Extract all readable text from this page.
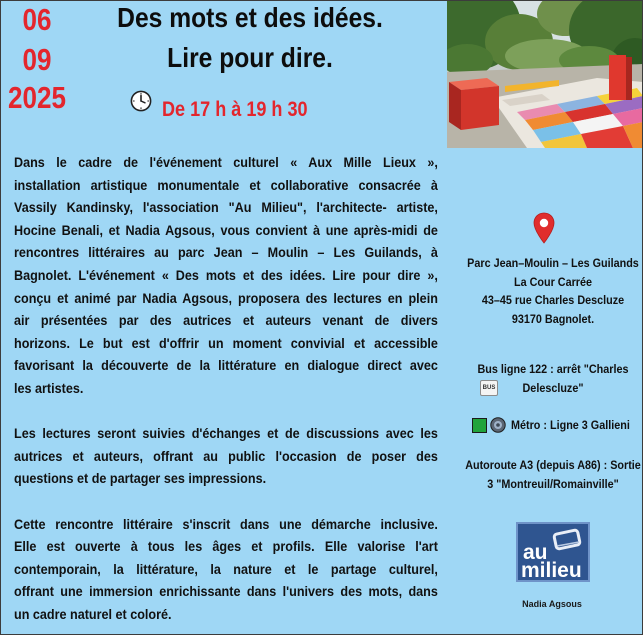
06
09
2025
Des mots et des idées.
Lire pour dire.
De 17 h à 19 h 30
Dans le cadre de l'événement culturel « Aux Mille Lieux »,
installation artistique monumentale et collaborative consacrée à
Vassily Kandinsky, l'association "Au Milieu", l'architecte- artiste,
Hocine Benali, et Nadia Agsous, vous convient à une après-midi de
rencontres littéraires au parc Jean – Moulin – Les Guilands, à
Bagnolet. L'événement « Des mots et des idées. Lire pour dire »,
conçu et animé par Nadia Agsous, proposera des lectures en plein
air présentées par des autrices et auteurs venant de divers
horizons. Le but est d'offrir un moment convivial et accessible
favorisant la découverte de la littérature en dialogue direct avec
les artistes.
Les lectures seront suivies d'échanges et de discussions avec les
autrices et auteurs, offrant au public l'occasion de poser des
questions et de partager ses impressions.
Cette rencontre littéraire s'inscrit dans une démarche inclusive.
Elle est ouverte à tous les âges et profils. Elle valorise l'art
contemporain, la littérature, la nature et le partage culturel,
offrant une immersion enrichissante dans l'univers des mots, dans
un cadre naturel et coloré.
Parc Jean–Moulin – Les Guilands
La Cour Carrée
43–45 rue Charles Descluze
93170 Bagnolet.
Bus ligne 122 : arrêt "Charles
Delescluze"
BUS
Métro : Ligne 3 Gallieni
Autoroute A3 (depuis A86) : Sortie
3 "Montreuil/Romainville"
au
milieu
Nadia Agsous
